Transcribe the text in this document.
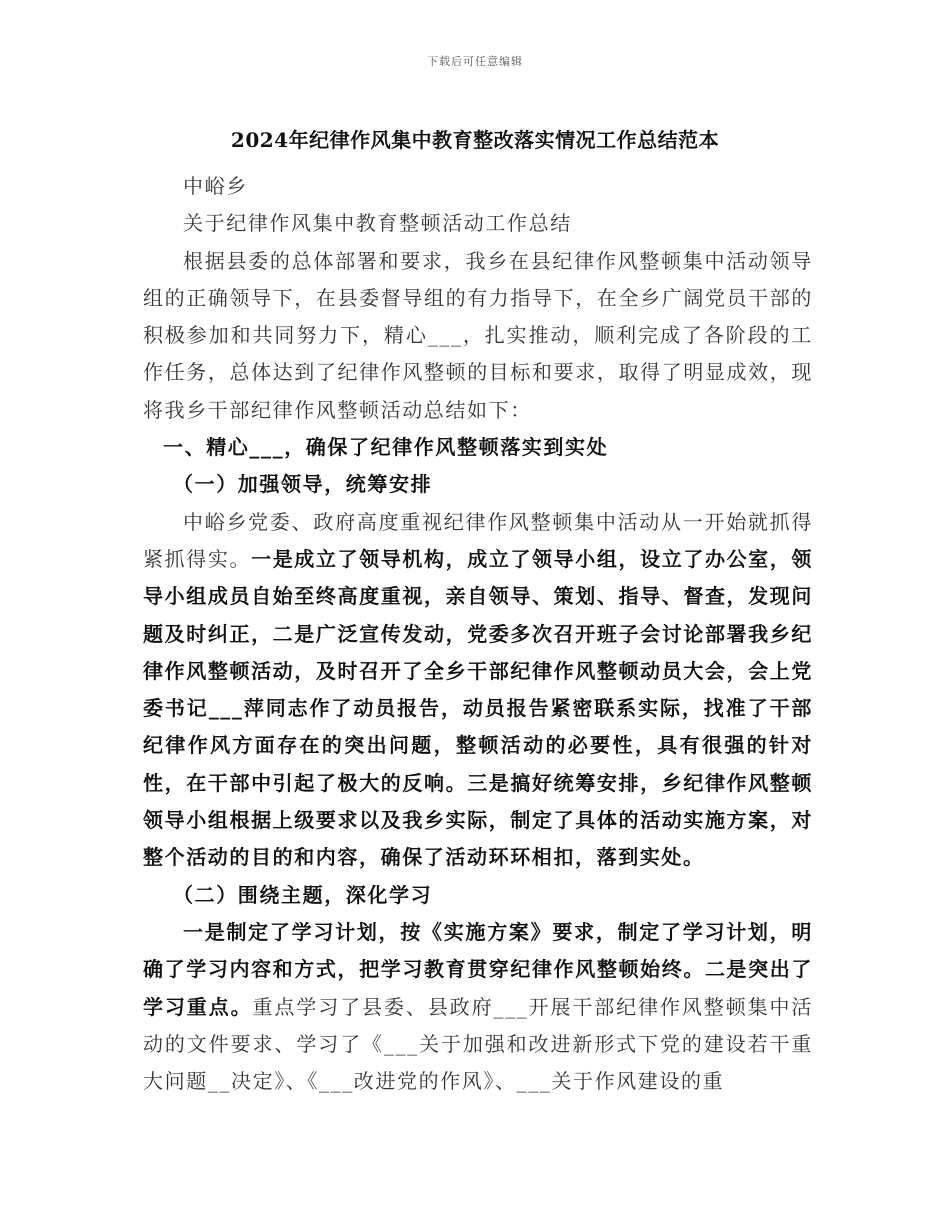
下载后可任意编辑
2024年纪律作风集中教育整改落实情况工作总结范本

中峪乡

关于纪律作风集中教育整顿活动工作总结

根据县委的总体部署和要求，我乡在县纪律作风整顿集中活动领导组的正确领导下，在县委督导组的有力指导下，在全乡广阔党员干部的积极参加和共同努力下，精心___，扎实推动，顺利完成了各阶段的工作任务，总体达到了纪律作风整顿的目标和要求，取得了明显成效，现将我乡干部纪律作风整顿活动总结如下：

一、精心___，确保了纪律作风整顿落实到实处

（一）加强领导，统筹安排

中峪乡党委、政府高度重视纪律作风整顿集中活动从一开始就抓得紧抓得实。一是成立了领导机构，成立了领导小组，设立了办公室，领导小组成员自始至终高度重视，亲自领导、策划、指导、督查，发现问题及时纠正，二是广泛宣传发动，党委多次召开班子会讨论部署我乡纪律作风整顿活动，及时召开了全乡干部纪律作风整顿动员大会，会上党委书记___萍同志作了动员报告，动员报告紧密联系实际，找准了干部纪律作风方面存在的突出问题，整顿活动的必要性，具有很强的针对性，在干部中引起了极大的反响。三是搞好统筹安排，乡纪律作风整顿领导小组根据上级要求以及我乡实际，制定了具体的活动实施方案，对整个活动的目的和内容，确保了活动环环相扣，落到实处。

（二）围绕主题，深化学习

一是制定了学习计划，按《实施方案》要求，制定了学习计划，明确了学习内容和方式，把学习教育贯穿纪律作风整顿始终。二是突出了学习重点。重点学习了县委、县政府___开展干部纪律作风整顿集中活动的文件要求、学习了《___关于加强和改进新形式下党的建设若干重大问题__决定》、《___改进党的作风》、___关于作风建设的重
